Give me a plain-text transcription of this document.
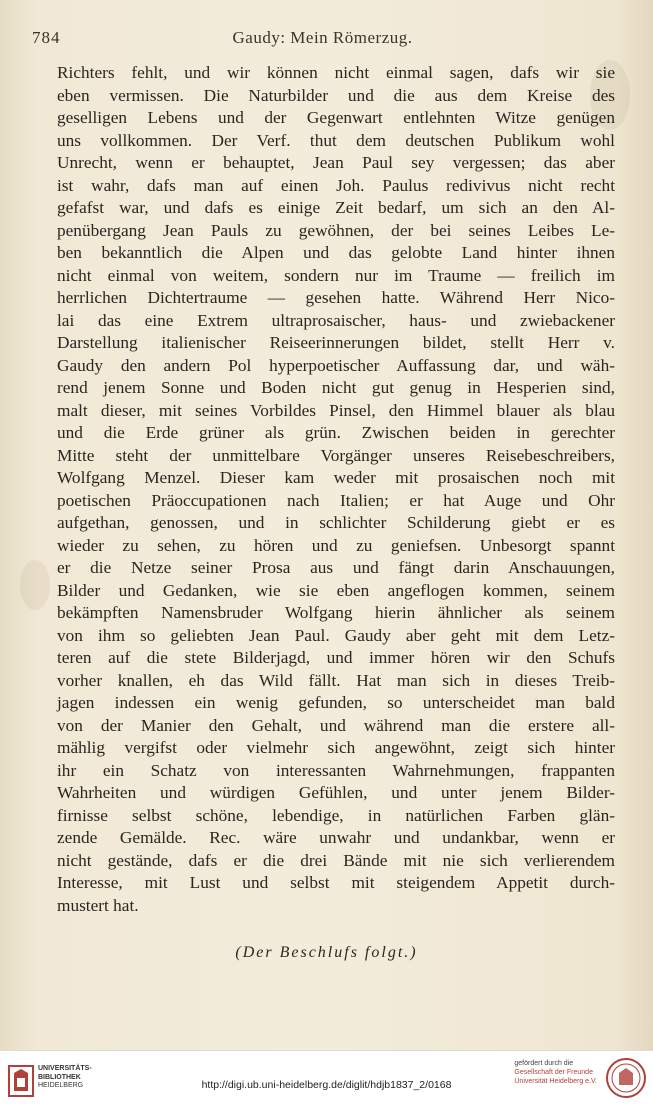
784	Gaudy: Mein Römerzug.
Richters fehlt, und wir können nicht einmal sagen, dafs wir sie
eben vermissen. Die Naturbilder und die aus dem Kreise des
geselligen Lebens und der Gegenwart entlehnten Witze genügen
uns vollkommen. Der Verf. thut dem deutschen Publikum wohl
Unrecht, wenn er behauptet, Jean Paul sey vergessen; das aber
ist wahr, dafs man auf einen Joh. Paulus redivivus nicht recht
gefafst war, und dafs es einige Zeit bedarf, um sich an den Al-
penübergang Jean Pauls zu gewöhnen, der bei seines Leibes Le-
ben bekanntlich die Alpen und das gelobte Land hinter ihnen
nicht einmal von weitem, sondern nur im Traume — freilich im
herrlichen Dichtertraume — gesehen hatte. Während Herr Nico-
lai das eine Extrem ultraprosaischer, haus- und zwiebackener
Darstellung italienischer Reiseerinnerungen bildet, stellt Herr v.
Gaudy den andern Pol hyperpoetischer Auffassung dar, und wäh-
rend jenem Sonne und Boden nicht gut genug in Hesperien sind,
malt dieser, mit seines Vorbildes Pinsel, den Himmel blauer als blau
und die Erde grüner als grün. Zwischen beiden in gerechter
Mitte steht der unmittelbare Vorgänger unseres Reisebeschreibers,
Wolfgang Menzel. Dieser kam weder mit prosaischen noch mit
poetischen Präoccupationen nach Italien; er hat Auge und Ohr
aufgethan, genossen, und in schlichter Schilderung giebt er es
wieder zu sehen, zu hören und zu geniefsen. Unbesorgt spannt
er die Netze seiner Prosa aus und fängt darin Anschauungen,
Bilder und Gedanken, wie sie eben angeflogen kommen, seinem
bekämpften Namensbruder Wolfgang hierin ähnlicher als seinem
von ihm so geliebten Jean Paul. Gaudy aber geht mit dem Letz-
teren auf die stete Bilderjagd, und immer hören wir den Schufs
vorher knallen, eh das Wild fällt. Hat man sich in dieses Treib-
jagen indessen ein wenig gefunden, so unterscheidet man bald
von der Manier den Gehalt, und während man die erstere all-
mählig vergifst oder vielmehr sich angewöhnt, zeigt sich hinter
ihr ein Schatz von interessanten Wahrnehmungen, frappanten
Wahrheiten und würdigen Gefühlen, und unter jenem Bilder-
firnisse selbst schöne, lebendige, in natürlichen Farben glän-
zende Gemälde. Rec. wäre unwahr und undankbar, wenn er
nicht gestände, dafs er die drei Bände mit nie sich verlierendem
Interesse, mit Lust und selbst mit steigendem Appetit durch-
mustert hat.
(Der Beschlufs folgt.)
UNIVERSITÄTS-
BIBLIOTHEK
HEIDELBERG	http://digi.ub.uni-heidelberg.de/diglit/hdjb1837_2/0168
gefördert durch die
Gesellschaft der Freunde
Universität Heidelberg e.V.
